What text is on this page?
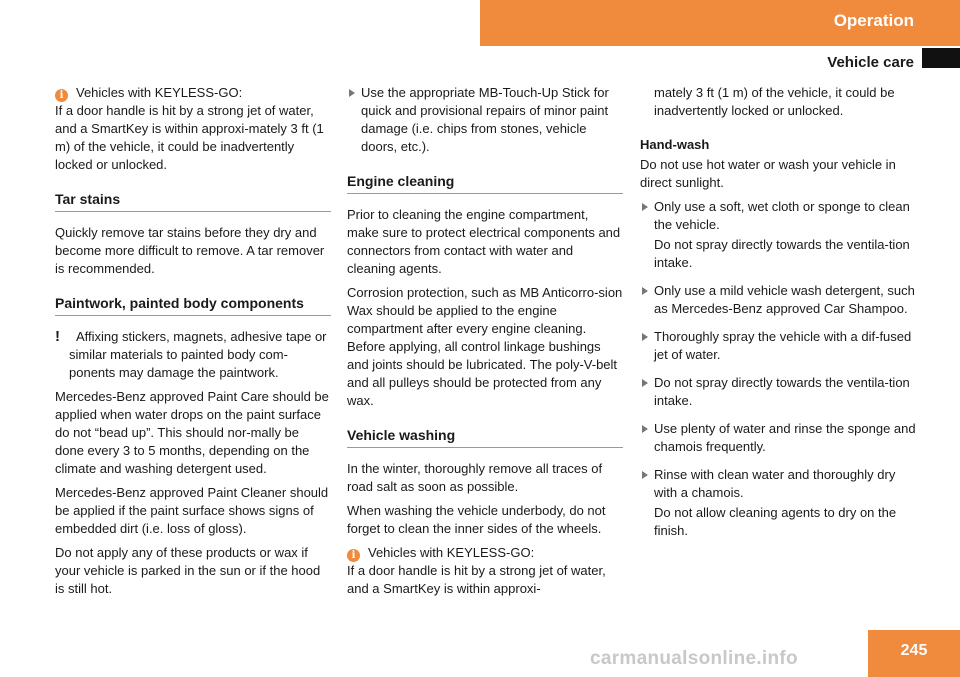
Operation
Vehicle care
i Vehicles with KEYLESS-GO:
If a door handle is hit by a strong jet of water, and a SmartKey is within approxi-mately 3 ft (1 m) of the vehicle, it could be inadvertently locked or unlocked.
Tar stains

Quickly remove tar stains before they dry and become more difficult to remove. A tar remover is recommended.

Paintwork, painted body components
! Affixing stickers, magnets, adhesive tape or similar materials to painted body com-ponents may damage the paintwork.

Mercedes-Benz approved Paint Care should be applied when water drops on the paint surface do not “bead up”. This should nor-mally be done every 3 to 5 months, depending on the climate and washing detergent used.

Mercedes-Benz approved Paint Cleaner should be applied if the paint surface shows signs of embedded dirt (i.e. loss of gloss).

Do not apply any of these products or wax if your vehicle is parked in the sun or if the hood is still hot.

Use the appropriate MB-Touch-Up Stick for quick and provisional repairs of minor paint damage (i.e. chips from stones, vehicle doors, etc.).
Engine cleaning

Prior to cleaning the engine compartment, make sure to protect electrical components and connectors from contact with water and cleaning agents.

Corrosion protection, such as MB Anticorro-sion Wax should be applied to the engine compartment after every engine cleaning. Before applying, all control linkage bushings and joints should be lubricated. The poly-V-belt and all pulleys should be protected from any wax.

Vehicle washing

In the winter, thoroughly remove all traces of road salt as soon as possible.

When washing the vehicle underbody, do not forget to clean the inner sides of the wheels.

i Vehicles with KEYLESS-GO:
If a door handle is hit by a strong jet of water, and a SmartKey is within approxi-

mately 3 ft (1 m) of the vehicle, it could be inadvertently locked or unlocked.

Hand-wash

Do not use hot water or wash your vehicle in direct sunlight.

Only use a soft, wet cloth or sponge to clean the vehicle.
Do not spray directly towards the ventila-tion intake.
Only use a mild vehicle wash detergent, such as Mercedes-Benz approved Car Shampoo.
Thoroughly spray the vehicle with a dif-fused jet of water.
Do not spray directly towards the ventila-tion intake.
Use plenty of water and rinse the sponge and chamois frequently.
Rinse with clean water and thoroughly dry with a chamois.
Do not allow cleaning agents to dry on the finish.
carmanualsonline.info	245
